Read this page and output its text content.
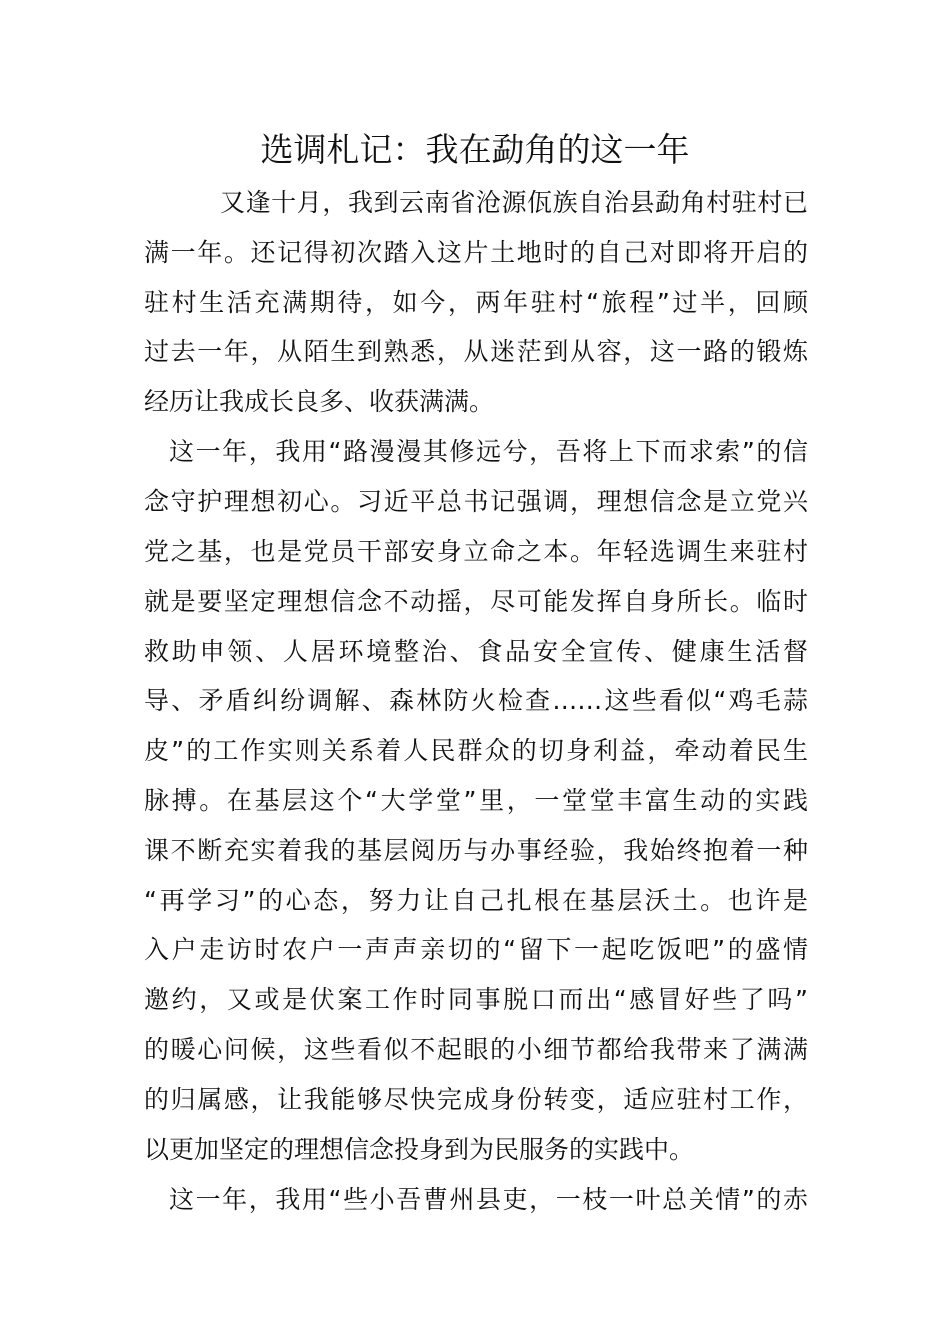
选调札记：我在勐角的这一年
又逢十月，我到云南省沧源佤族自治县勐角村驻村已
满一年。还记得初次踏入这片土地时的自己对即将开启的
驻村生活充满期待，如今，两年驻村“旅程”过半，回顾
过去一年，从陌生到熟悉，从迷茫到从容，这一路的锻炼
经历让我成长良多、收获满满。
这一年，我用“路漫漫其修远兮，吾将上下而求索”的信
念守护理想初心。习近平总书记强调，理想信念是立党兴
党之基，也是党员干部安身立命之本。年轻选调生来驻村
就是要坚定理想信念不动摇，尽可能发挥自身所长。临时
救助申领、人居环境整治、食品安全宣传、健康生活督
导、矛盾纠纷调解、森林防火检查……这些看似“鸡毛蒜
皮”的工作实则关系着人民群众的切身利益，牵动着民生
脉搏。在基层这个“大学堂”里，一堂堂丰富生动的实践
课不断充实着我的基层阅历与办事经验，我始终抱着一种
“再学习”的心态，努力让自己扎根在基层沃土。也许是
入户走访时农户一声声亲切的“留下一起吃饭吧”的盛情
邀约，又或是伏案工作时同事脱口而出“感冒好些了吗”
的暖心问候，这些看似不起眼的小细节都给我带来了满满
的归属感，让我能够尽快完成身份转变，适应驻村工作，
以更加坚定的理想信念投身到为民服务的实践中。
这一年，我用“些小吾曹州县吏，一枝一叶总关情”的赤
